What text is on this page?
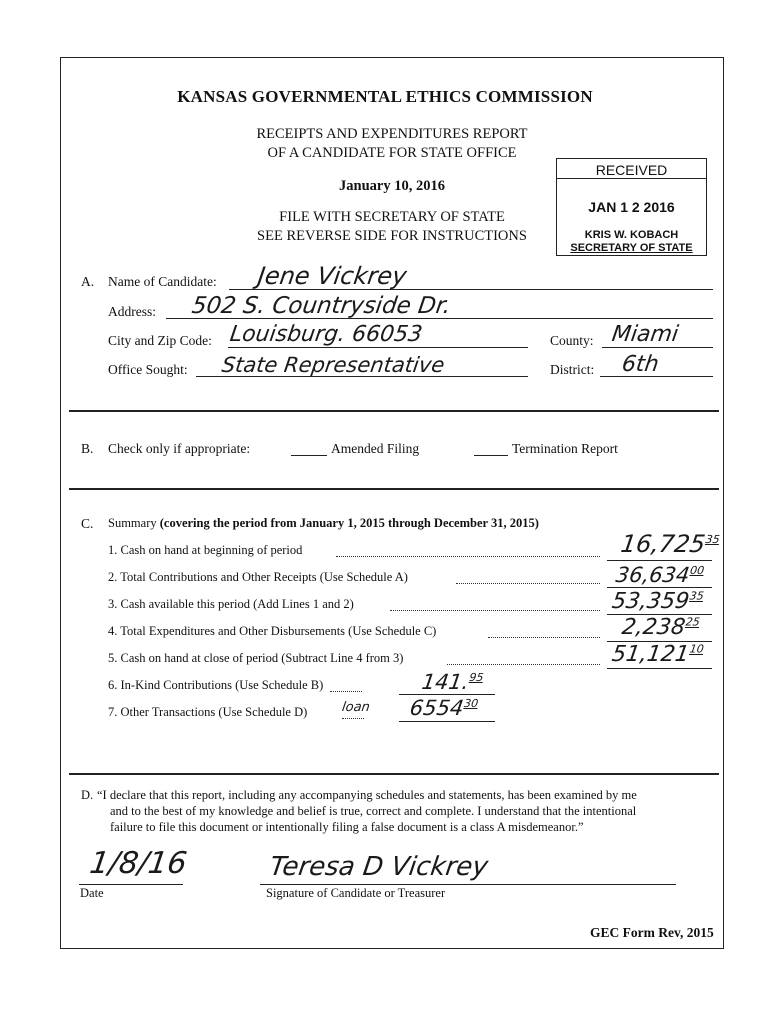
KANSAS GOVERNMENTAL ETHICS COMMISSION
RECEIPTS AND EXPENDITURES REPORT
OF A CANDIDATE FOR STATE OFFICE
January 10, 2016
FILE WITH SECRETARY OF STATE
SEE REVERSE SIDE FOR INSTRUCTIONS
RECEIVED
JAN 1 2 2016
KRIS W. KOBACH
SECRETARY OF STATE
A. Name of Candidate: Jene Vickrey
Address: 502 S. Countryside Dr.
City and Zip Code: Louisburg. 66053	County: Miami
Office Sought: State Representative	District: 6th
B. Check only if appropriate:	Amended Filing	Termination Report
C. Summary (covering the period from January 1, 2015 through December 31, 2015)
1. Cash on hand at beginning of period	16,725$^{35}$
2. Total Contributions and Other Receipts (Use Schedule A)	36,634$^{00}$
3. Cash available this period (Add Lines 1 and 2)	53,359$^{35}$
4. Total Expenditures and Other Disbursements (Use Schedule C)	2,238$^{25}$
5. Cash on hand at close of period (Subtract Line 4 from 3)	51,121$^{10}$
6. In-Kind Contributions (Use Schedule B)	141.95
7. Other Transactions (Use Schedule D)	loan 6554$^{30}$
D. “I declare that this report, including any accompanying schedules and statements, has been examined by me
and to the best of my knowledge and belief is true, correct and complete. I understand that the intentional
failure to file this document or intentionally filing a false document is a class A misdemeanor.”
1/8/16
Date
Teresa D Vickrey
Signature of Candidate or Treasurer
GEC Form Rev, 2015
